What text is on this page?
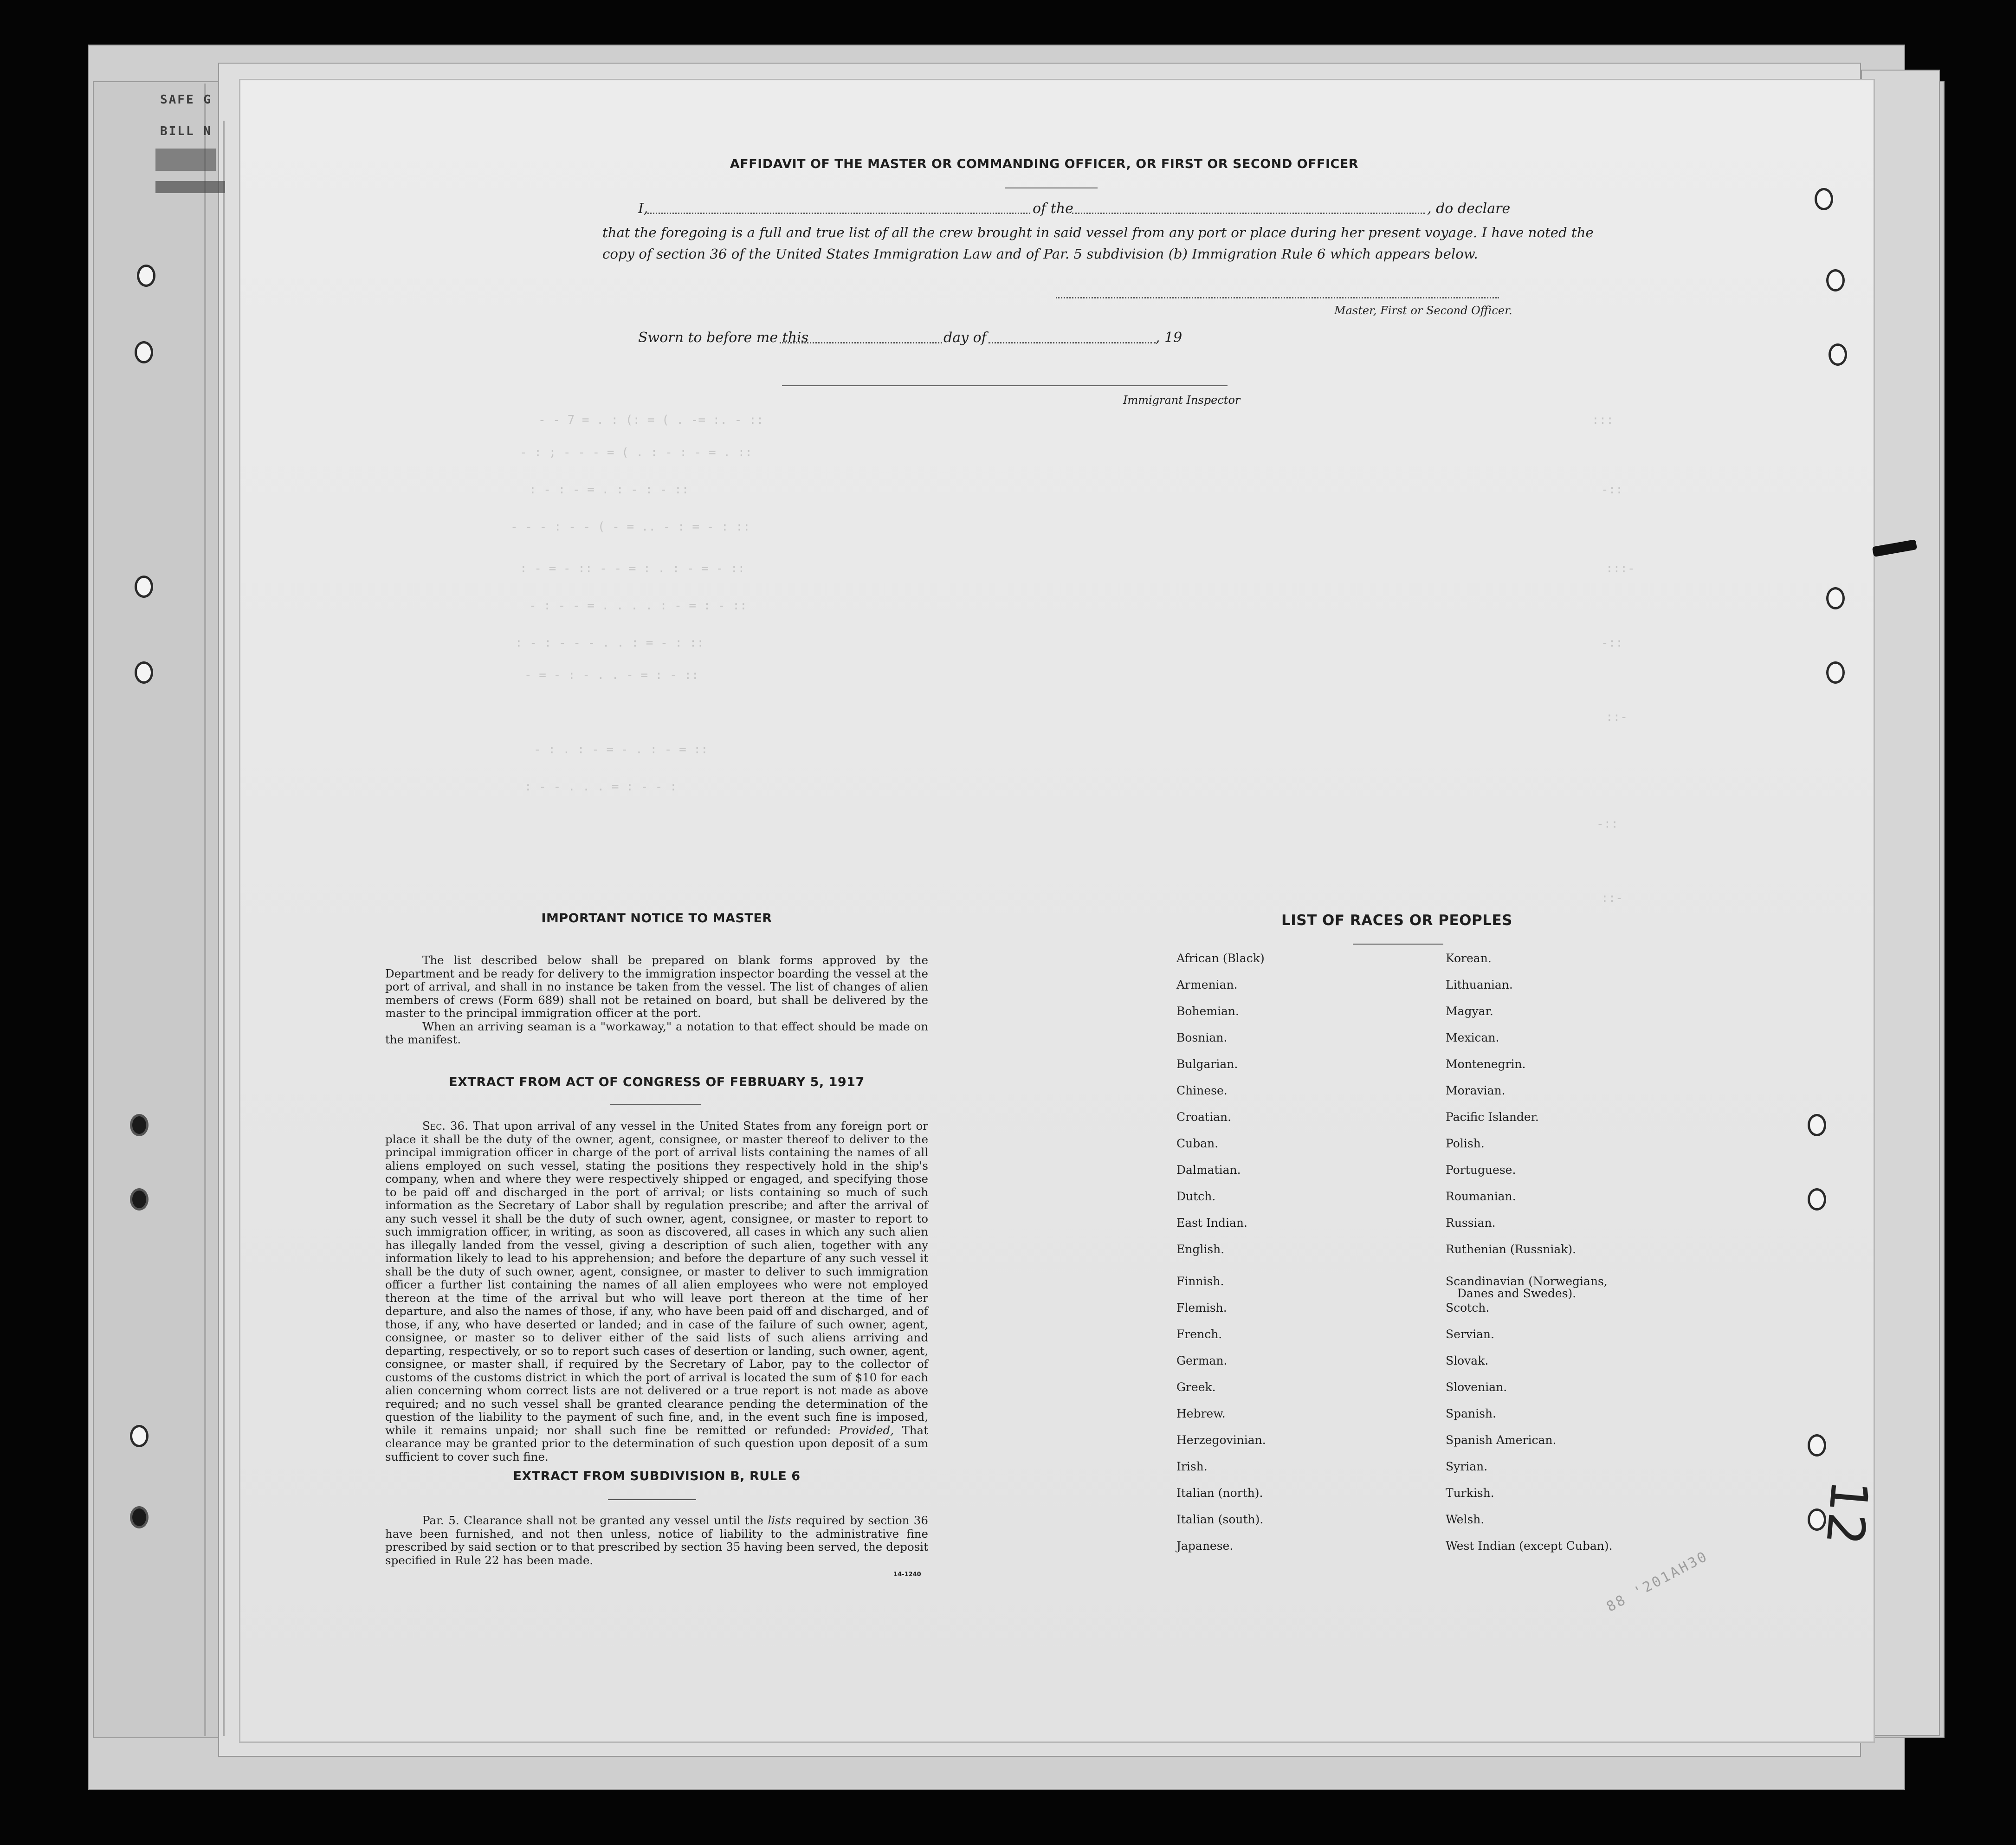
SAFE G
BILL N
- - 7 = . : (: = ( . -= :. - ::
- : ; - - - = ( . : - : - = . ::
: - : - = . : - : - ::
- - - : - - ( - = .. - : = - : ::
: - = - :: - - = : . : - = - ::
- : - - = . . . . : - = : - ::
: - : - - - . . : = - : ::
- = - : - . . - = : - ::
- : . : - = - . : - = ::
: - - . . . = : - - :
:::
-::
:::-
-::
::-
-::
::-
AFFIDAVIT OF THE MASTER OR COMMANDING OFFICER, OR FIRST OR SECOND OFFICER
I,	of the	, do declare
that the foregoing is a full and true list of all the crew brought in said vessel from any port or place during her present voyage. I have noted the
copy of section 36 of the United States Immigration Law and of Par. 5 subdivision (b) Immigration Rule 6 which appears below.
Master, First or Second Officer.
Sworn to before me this	day of	, 19
Immigrant Inspector
IMPORTANT NOTICE TO MASTER

The list described below shall be prepared on blank forms approved by the Department and be ready for delivery to the immigration inspector boarding the vessel at the port of arrival, and shall in no instance be taken from the vessel. The list of changes of alien members of crews (Form 689) shall not be retained on board, but shall be delivered by the master to the principal immigration officer at the port.

When an arriving seaman is a "workaway," a notation to that effect should be made on the manifest.

EXTRACT FROM ACT OF CONGRESS OF FEBRUARY 5, 1917

Sec. 36. That upon arrival of any vessel in the United States from any foreign port or place it shall be the duty of the owner, agent, consignee, or master thereof to deliver to the principal immigration officer in charge of the port of arrival lists containing the names of all aliens employed on such vessel, stating the positions they respectively hold in the ship's company, when and where they were respectively shipped or engaged, and specifying those to be paid off and discharged in the port of arrival; or lists containing so much of such information as the Secretary of Labor shall by regulation prescribe; and after the arrival of any such vessel it shall be the duty of such owner, agent, consignee, or master to report to such immigration officer, in writing, as soon as discovered, all cases in which any such alien has illegally landed from the vessel, giving a description of such alien, together with any information likely to lead to his apprehension; and before the departure of any such vessel it shall be the duty of such owner, agent, consignee, or master to deliver to such immigration officer a further list containing the names of all alien employees who were not employed thereon at the time of the arrival but who will leave port thereon at the time of her departure, and also the names of those, if any, who have been paid off and discharged, and of those, if any, who have deserted or landed; and in case of the failure of such owner, agent, consignee, or master so to deliver either of the said lists of such aliens arriving and departing, respectively, or so to report such cases of desertion or landing, such owner, agent, consignee, or master shall, if required by the Secretary of Labor, pay to the collector of customs of the customs district in which the port of arrival is located the sum of $10 for each alien concerning whom correct lists are not delivered or a true report is not made as above required; and no such vessel shall be granted clearance pending the determination of the question of the liability to the payment of such fine, and, in the event such fine is imposed, while it remains unpaid; nor shall such fine be remitted or refunded: Provided, That clearance may be granted prior to the determination of such question upon deposit of a sum sufficient to cover such fine.

EXTRACT FROM SUBDIVISION B, RULE 6

Par. 5. Clearance shall not be granted any vessel until the lists required by section 36 have been furnished, and not then unless, notice of liability to the administrative fine prescribed by said section or to that prescribed by section 35 having been served, the deposit specified in Rule 22 has been made.

14-1240
LIST OF RACES OR PEOPLES
African (Black)
Armenian.
Bohemian.
Bosnian.
Bulgarian.
Chinese.
Croatian.
Cuban.
Dalmatian.
Dutch.
East Indian.
English.
Finnish.
Flemish.
French.
German.
Greek.
Hebrew.
Herzegovinian.
Irish.
Italian (north).
Italian (south).
Japanese.
Korean.
Lithuanian.
Magyar.
Mexican.
Montenegrin.
Moravian.
Pacific Islander.
Polish.
Portuguese.
Roumanian.
Russian.
Ruthenian (Russniak).
Scandinavian (Norwegians,
Scotch.
Servian.
Slovak.
Slovenian.
Spanish.
Spanish American.
Syrian.
Turkish.
Welsh.
West Indian (except Cuban).
Danes and Swedes).
88 '201AH30
12
